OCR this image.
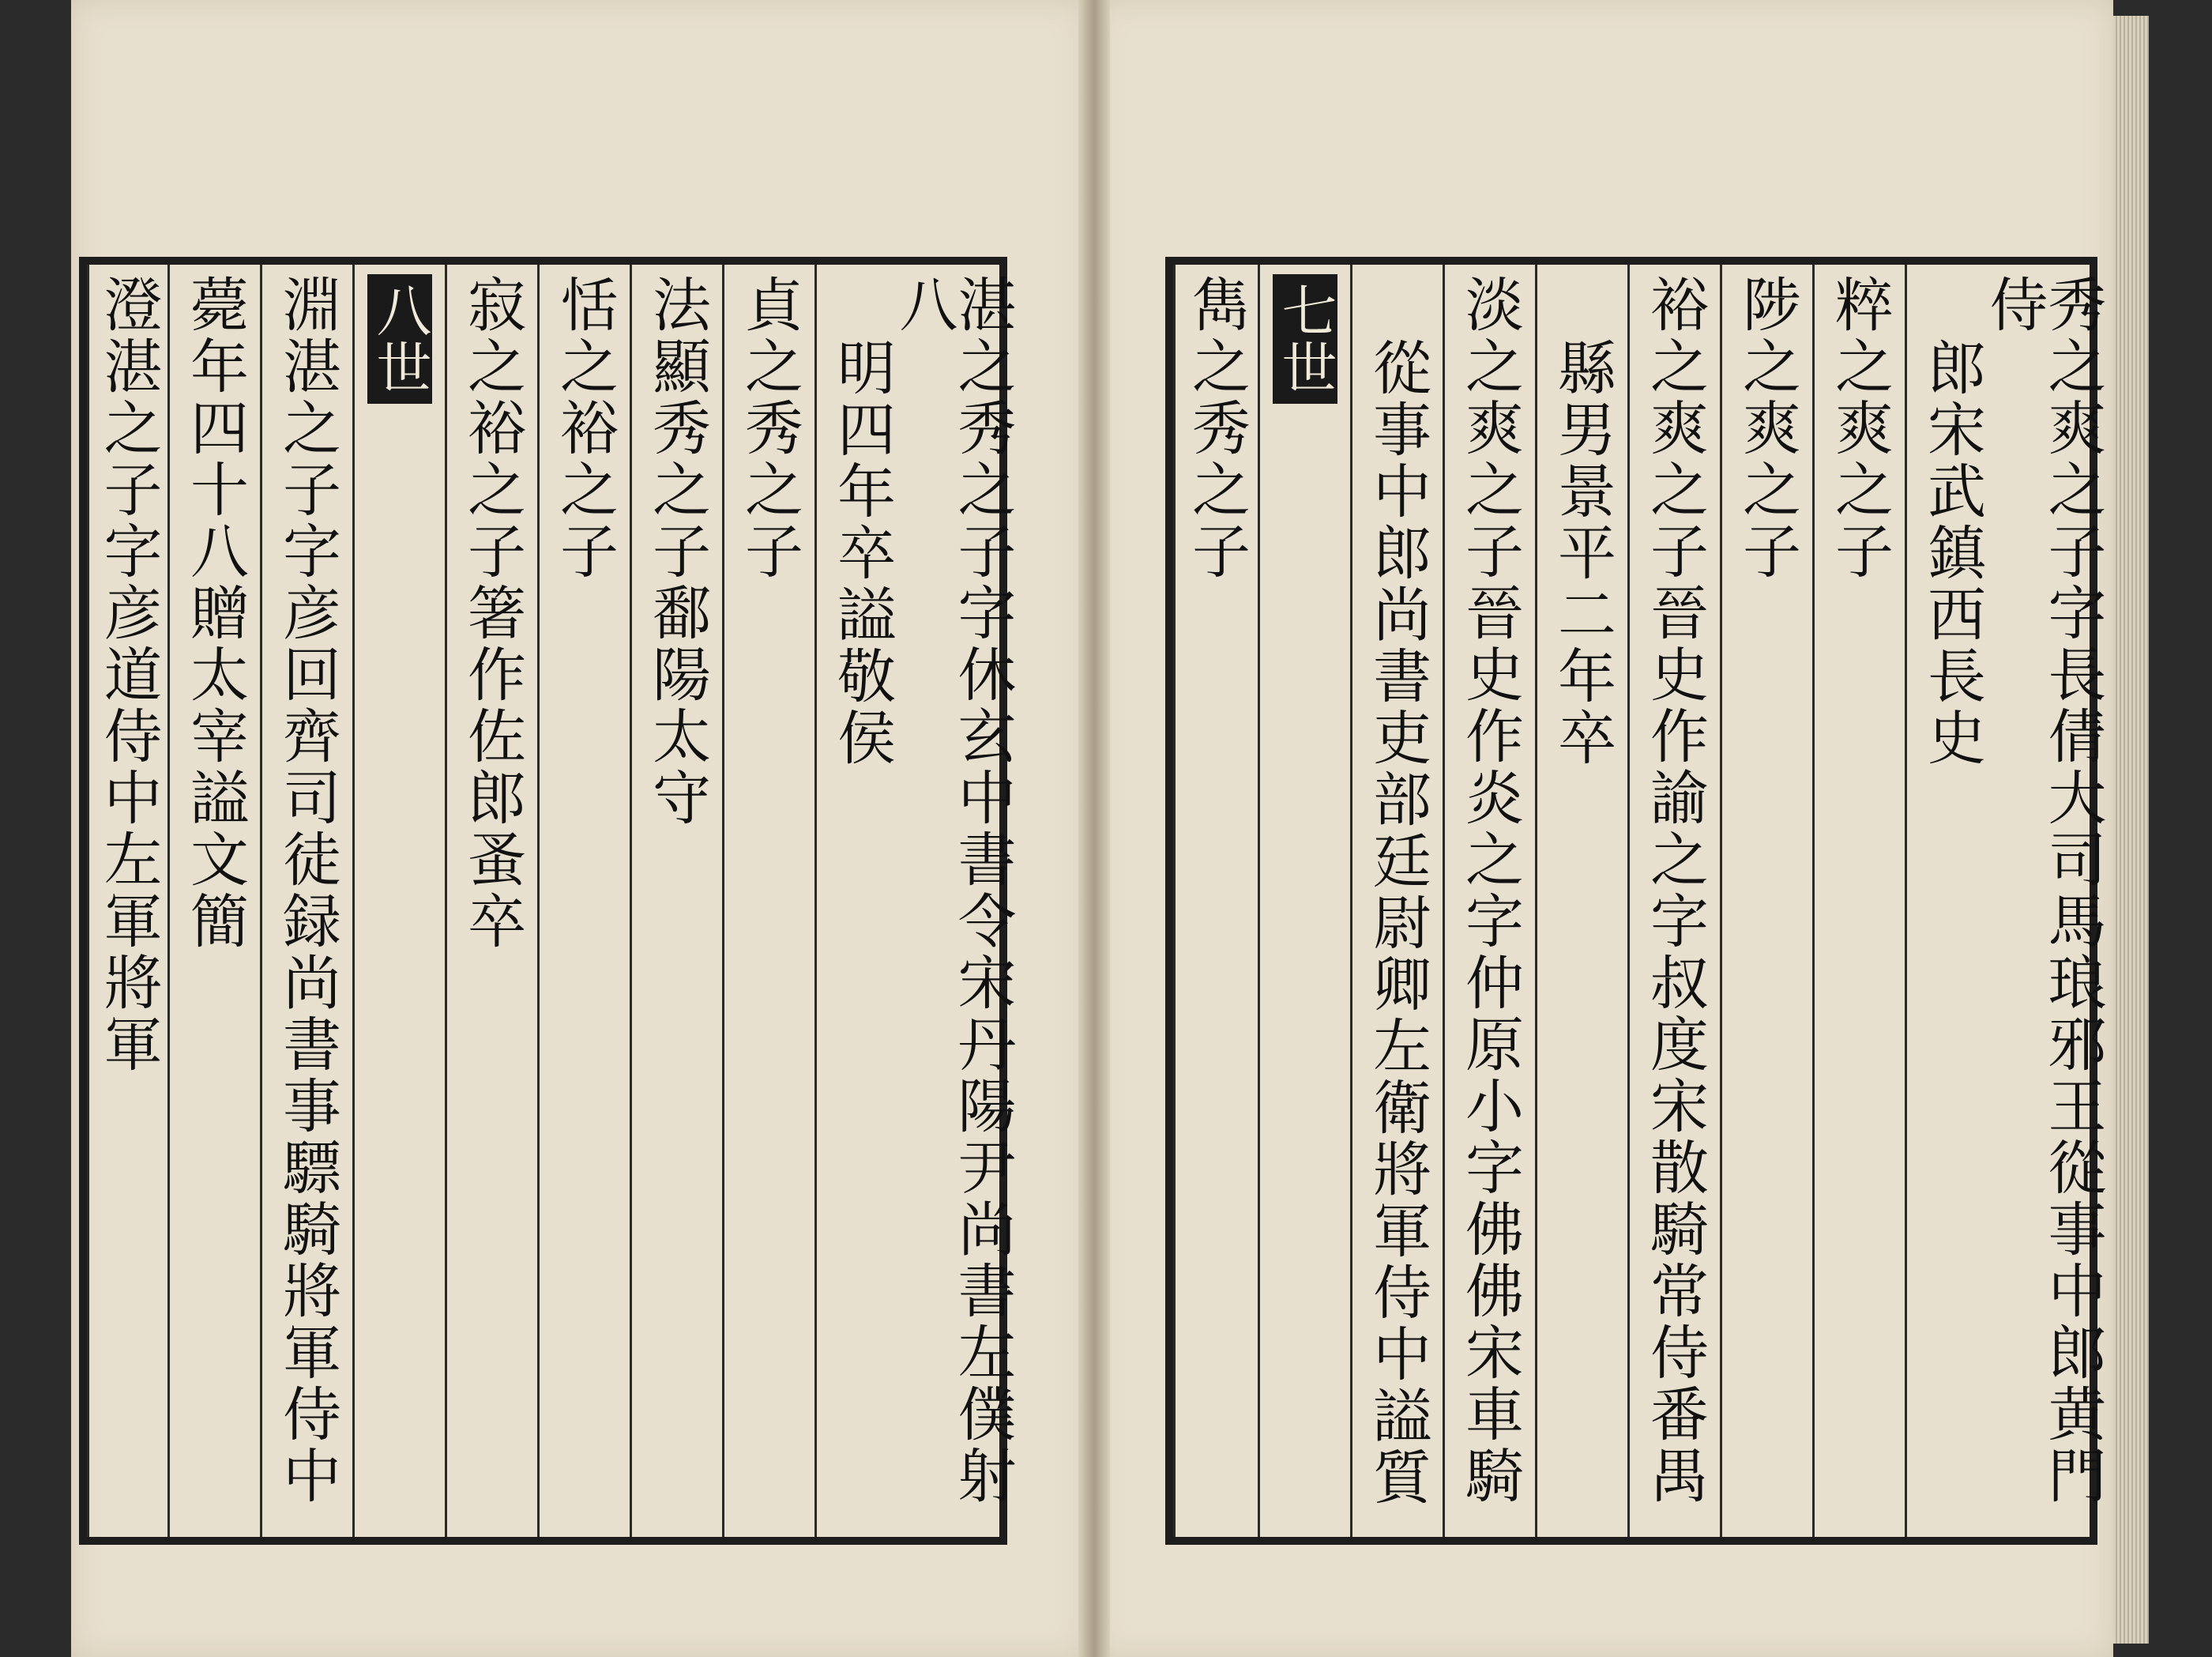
湛之秀之子字休玄中書令宋丹陽尹尚書左僕射八
明四年卒謚敬侯
貞之秀之子
法顯秀之子鄱陽太守
恬之裕之子
寂之裕之子箸作佐郎蚤卒
八世
淵湛之子字彦回齊司徒録尚書事驃騎將軍侍中
薨年四十八贈太宰謚文簡
澄湛之子字彦道侍中左軍將軍	秀之爽之子字長倩大司馬琅邪王從事中郎黄門侍
郎宋武鎮西長史
粹之爽之子
陟之爽之子
裕之爽之子晉史作諭之字叔度宋散騎常侍番禺
縣男景平二年卒
淡之爽之子晉史作炎之字仲原小字佛佛宋車騎
從事中郎尚書吏部廷尉卿左衛將軍侍中謚質
七世
雋之秀之子
